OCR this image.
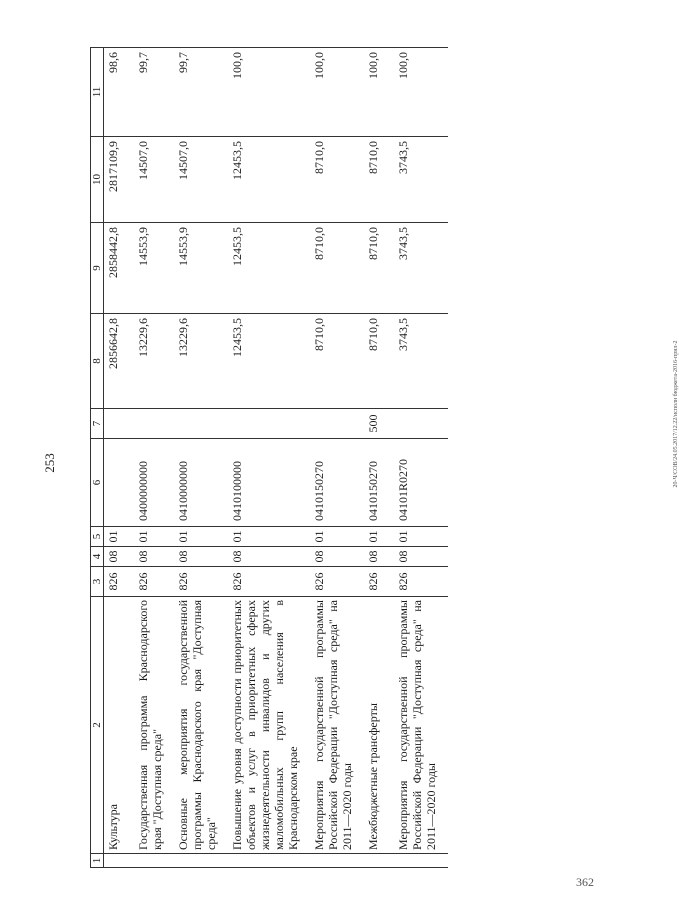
253
1	2	3	4	5	6	7	8	9	10	11
	Культура	826	08	01			2856642,8	2858442,8	2817109,9	98,6
	Государственная программа Краснодарского края "Доступная среда"	826	08	01	0400000000		13229,6	14553,9	14507,0	99,7
	Основные мероприятия государственной программы Краснодарского края "Доступная среда"	826	08	01	0410000000		13229,6	14553,9	14507,0	99,7
	Повышение уровня доступности приоритетных объектов и услуг в приоритетных сферах жизнедеятельности инвалидов и других маломобильных групп населения в Краснодарском крае	826	08	01	0410100000		12453,5	12453,5	12453,5	100,0
	Мероприятия государственной программы Российской Федерации "Доступная среда" на 2011—2020 годы	826	08	01	0410150270		8710,0	8710,0	8710,0	100,0
	Межбюджетные трансферты	826	08	01	0410150270	500	8710,0	8710,0	8710,0	100,0
	Мероприятия государственной программы Российской Федерации "Доступная среда" на 2011—2020 годы	826	08	01	04101R0270		3743,5	3743,5	3743,5	100,0
20-Ч/СОВ/24.05.2017/12.22/исполн бюджета-2016-прил-2
362
